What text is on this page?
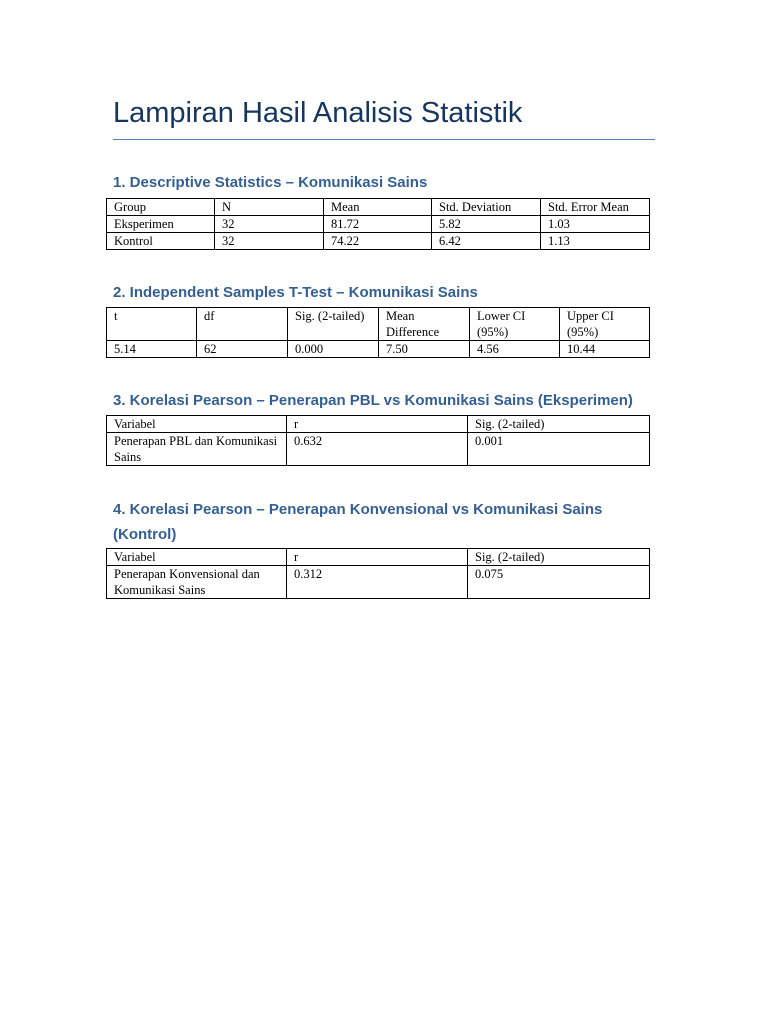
Lampiran Hasil Analisis Statistik
1. Descriptive Statistics – Komunikasi Sains
Group	N	Mean	Std. Deviation	Std. Error Mean
Eksperimen	32	81.72	5.82	1.03
Kontrol	32	74.22	6.42	1.13
2. Independent Samples T-Test – Komunikasi Sains
t	df	Sig. (2-tailed)	Mean Difference	Lower CI (95%)	Upper CI (95%)
5.14	62	0.000	7.50	4.56	10.44
3. Korelasi Pearson – Penerapan PBL vs Komunikasi Sains (Eksperimen)
Variabel	r	Sig. (2-tailed)
Penerapan PBL dan Komunikasi Sains	0.632	0.001
4. Korelasi Pearson – Penerapan Konvensional vs Komunikasi Sains (Kontrol)
Variabel	r	Sig. (2-tailed)
Penerapan Konvensional dan Komunikasi Sains	0.312	0.075
